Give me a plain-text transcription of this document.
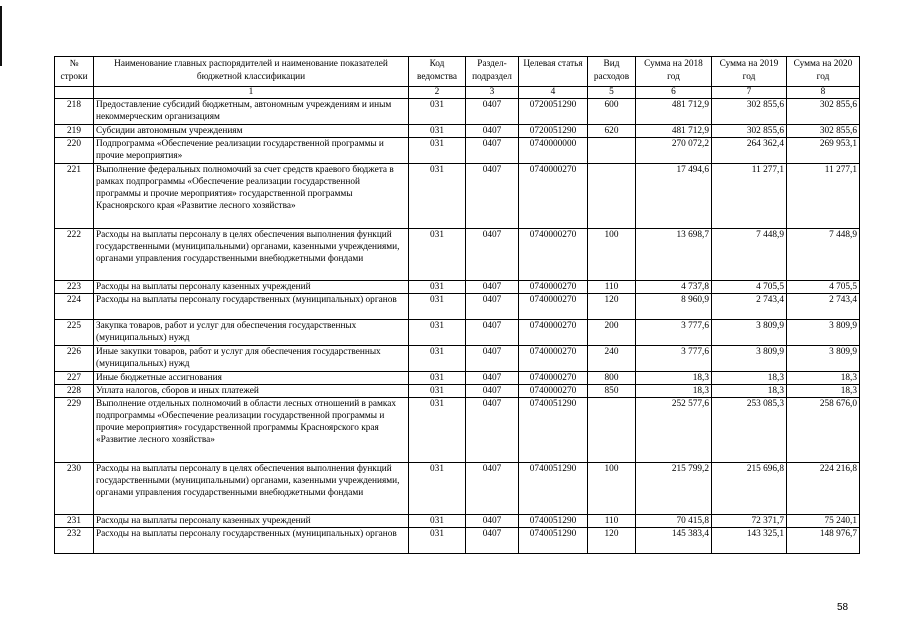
№ строки	Наименование главных распорядителей и наименование показателей бюджетной классификации	Код ведомства	Раздел-подраздел	Целевая статья	Вид расходов	Сумма на 2018 год	Сумма на 2019 год	Сумма на 2020 год
	1	2	3	4	5	6	7	8
218	Предоставление субсидий бюджетным, автономным учреждениям и иным некоммерческим организациям	031	0407	0720051290	600	481 712,9	302 855,6	302 855,6
219	Субсидии автономным учреждениям	031	0407	0720051290	620	481 712,9	302 855,6	302 855,6
220	Подпрограмма «Обеспечение реализации государственной программы и прочие мероприятия»	031	0407	0740000000		270 072,2	264 362,4	269 953,1
221	Выполнение федеральных полномочий за счет средств краевого бюджета в рамках подпрограммы «Обеспечение реализации государственной программы и прочие мероприятия» государственной программы Красноярского края «Развитие лесного хозяйства»	031	0407	0740000270		17 494,6	11 277,1	11 277,1
222	Расходы на выплаты персоналу в целях обеспечения выполнения функций государственными (муниципальными) органами, казенными учреждениями, органами управления государственными внебюджетными фондами	031	0407	0740000270	100	13 698,7	7 448,9	7 448,9
223	Расходы на выплаты персоналу казенных учреждений	031	0407	0740000270	110	4 737,8	4 705,5	4 705,5
224	Расходы на выплаты персоналу государственных (муниципальных) органов	031	0407	0740000270	120	8 960,9	2 743,4	2 743,4
225	Закупка товаров, работ и услуг для обеспечения государственных (муниципальных) нужд	031	0407	0740000270	200	3 777,6	3 809,9	3 809,9
226	Иные закупки товаров, работ и услуг для обеспечения государственных (муниципальных) нужд	031	0407	0740000270	240	3 777,6	3 809,9	3 809,9
227	Иные бюджетные ассигнования	031	0407	0740000270	800	18,3	18,3	18,3
228	Уплата налогов, сборов и иных платежей	031	0407	0740000270	850	18,3	18,3	18,3
229	Выполнение отдельных полномочий в области лесных отношений в рамках подпрограммы «Обеспечение реализации государственной программы и прочие мероприятия» государственной программы Красноярского края «Развитие лесного хозяйства»	031	0407	0740051290		252 577,6	253 085,3	258 676,0
230	Расходы на выплаты персоналу в целях обеспечения выполнения функций государственными (муниципальными) органами, казенными учреждениями, органами управления государственными внебюджетными фондами	031	0407	0740051290	100	215 799,2	215 696,8	224 216,8
231	Расходы на выплаты персоналу казенных учреждений	031	0407	0740051290	110	70 415,8	72 371,7	75 240,1
232	Расходы на выплаты персоналу государственных (муниципальных) органов	031	0407	0740051290	120	145 383,4	143 325,1	148 976,7
58
